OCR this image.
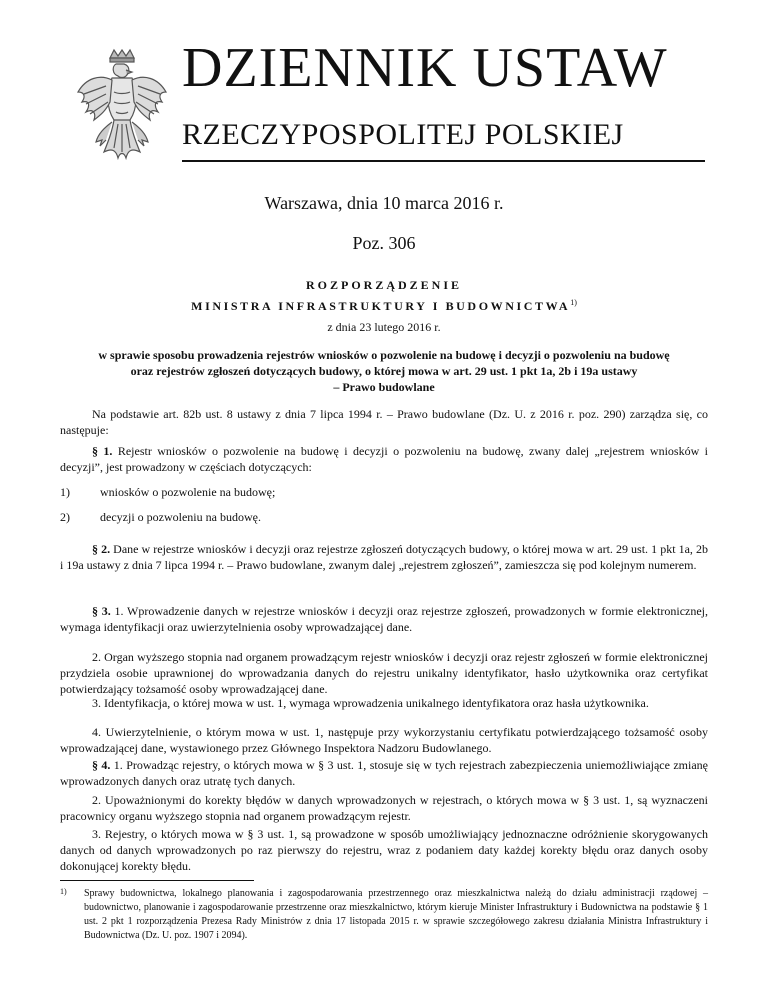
DZIENNIK USTAW
RZECZYPOSPOLITEJ POLSKIEJ
Warszawa, dnia 10 marca 2016 r.
Poz. 306
ROZPORZĄDZENIE
MINISTRA INFRASTRUKTURY I BUDOWNICTWA$^{1)}$
z dnia 23 lutego 2016 r.
w sprawie sposobu prowadzenia rejestrów wniosków o pozwolenie na budowę i decyzji o pozwoleniu na budowę
oraz rejestrów zgłoszeń dotyczących budowy, o której mowa w art. 29 ust. 1 pkt 1a, 2b i 19a ustawy
– Prawo budowlane

Na podstawie art. 82b ust. 8 ustawy z dnia 7 lipca 1994 r. – Prawo budowlane (Dz. U. z 2016 r. poz. 290) zarządza się, co następuje:

§ 1. Rejestr wniosków o pozwolenie na budowę i decyzji o pozwoleniu na budowę, zwany dalej „rejestrem wniosków i decyzji”, jest prowadzony w częściach dotyczących:

1)	wniosków o pozwolenie na budowę;
2)	decyzji o pozwoleniu na budowę.

§ 2. Dane w rejestrze wniosków i decyzji oraz rejestrze zgłoszeń dotyczących budowy, o której mowa w art. 29 ust. 1 pkt 1a, 2b i 19a ustawy z dnia 7 lipca 1994 r. – Prawo budowlane, zwanym dalej „rejestrem zgłoszeń”, zamieszcza się pod kolejnym numerem.

§ 3. 1. Wprowadzenie danych w rejestrze wniosków i decyzji oraz rejestrze zgłoszeń, prowadzonych w formie elektronicznej, wymaga identyfikacji oraz uwierzytelnienia osoby wprowadzającej dane.

2. Organ wyższego stopnia nad organem prowadzącym rejestr wniosków i decyzji oraz rejestr zgłoszeń w formie elektronicznej przydziela osobie uprawnionej do wprowadzania danych do rejestru unikalny identyfikator, hasło użytkownika oraz certyfikat potwierdzający tożsamość osoby wprowadzającej dane.

3. Identyfikacja, o której mowa w ust. 1, wymaga wprowadzenia unikalnego identyfikatora oraz hasła użytkownika.

4. Uwierzytelnienie, o którym mowa w ust. 1, następuje przy wykorzystaniu certyfikatu potwierdzającego tożsamość osoby wprowadzającej dane, wystawionego przez Głównego Inspektora Nadzoru Budowlanego.

§ 4. 1. Prowadząc rejestry, o których mowa w § 3 ust. 1, stosuje się w tych rejestrach zabezpieczenia uniemożliwiające zmianę wprowadzonych danych oraz utratę tych danych.

2. Upoważnionymi do korekty błędów w danych wprowadzonych w rejestrach, o których mowa w § 3 ust. 1, są wyznaczeni pracownicy organu wyższego stopnia nad organem prowadzącym rejestr.

3. Rejestry, o których mowa w § 3 ust. 1, są prowadzone w sposób umożliwiający jednoznaczne odróżnienie skorygowanych danych od danych wprowadzonych po raz pierwszy do rejestru, wraz z podaniem daty każdej korekty błędu oraz danych osoby dokonującej korekty błędu.

1) Sprawy budownictwa, lokalnego planowania i zagospodarowania przestrzennego oraz mieszkalnictwa należą do działu administracji rządowej – budownictwo, planowanie i zagospodarowanie przestrzenne oraz mieszkalnictwo, którym kieruje Minister Infrastruktury i Budownictwa na podstawie § 1 ust. 2 pkt 1 rozporządzenia Prezesa Rady Ministrów z dnia 17 listopada 2015 r. w sprawie szczegółowego zakresu działania Ministra Infrastruktury i Budownictwa (Dz. U. poz. 1907 i 2094).
